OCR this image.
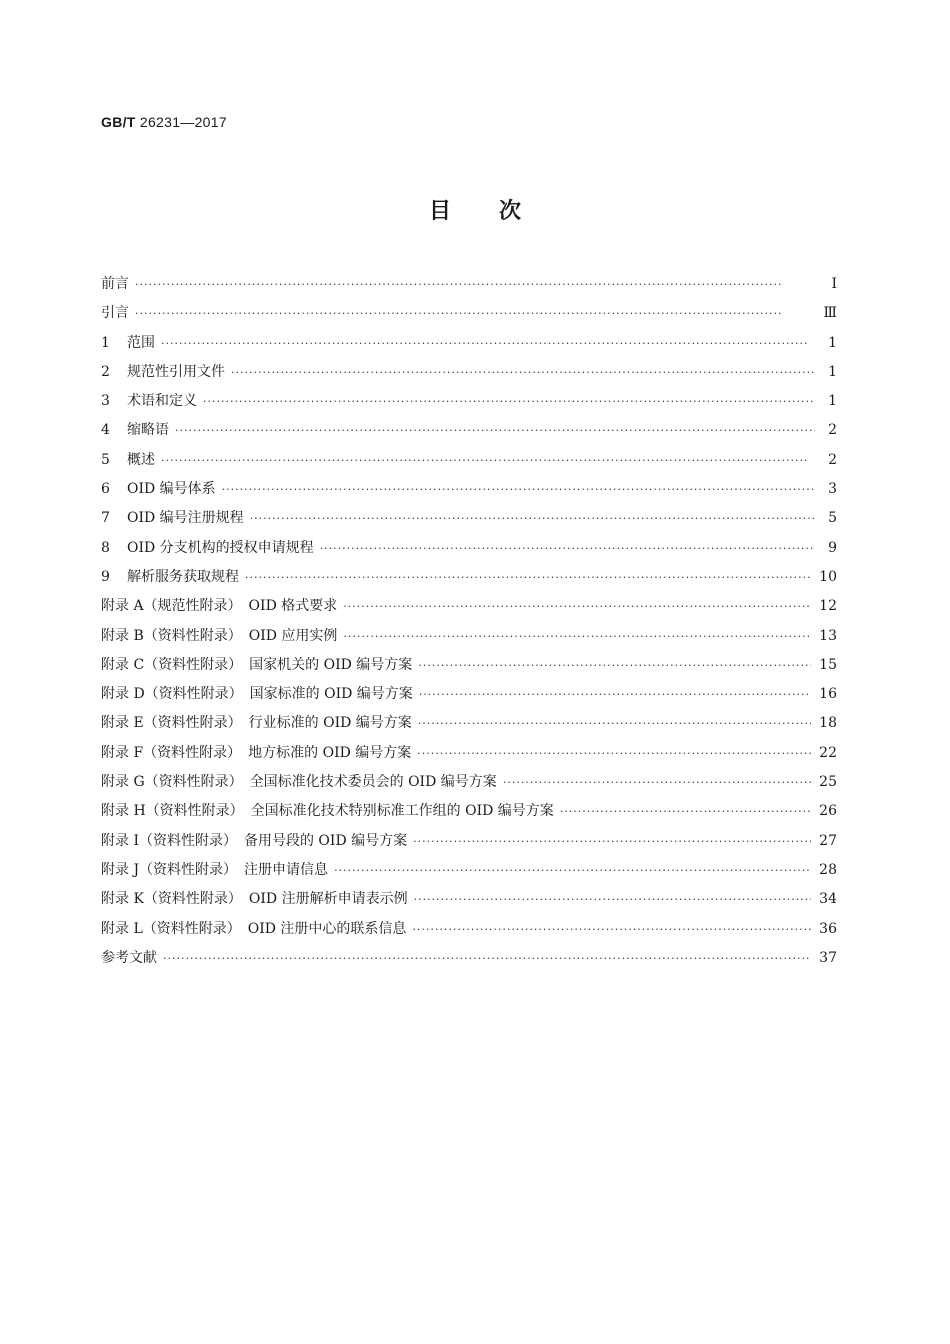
GB/T 26231—2017
目次
前言 ·····	Ⅰ
引言 ·····	Ⅲ
1 范围 ·····	1
2 规范性引用文件 ·····	1
3 术语和定义 ·····	1
4 缩略语 ·····	2
5 概述 ·····	2
6 OID 编号体系 ·····	3
7 OID 编号注册规程 ·····	5
8 OID 分支机构的授权申请规程 ·····	9
9 解析服务获取规程 ·····	10
附录 A（规范性附录）　OID 格式要求 ·····	12
附录 B（资料性附录）　OID 应用实例 ·····	13
附录 C（资料性附录）　国家机关的 OID 编号方案 ·····	15
附录 D（资料性附录）　国家标准的 OID 编号方案 ·····	16
附录 E（资料性附录）　行业标准的 OID 编号方案 ·····	18
附录 F（资料性附录）　地方标准的 OID 编号方案 ·····	22
附录 G（资料性附录）　全国标准化技术委员会的 OID 编号方案 ·····	25
附录 H（资料性附录）　全国标准化技术特别标准工作组的 OID 编号方案 ·····	26
附录 I（资料性附录）　备用号段的 OID 编号方案 ·····	27
附录 J（资料性附录）　注册申请信息 ·····	28
附录 K（资料性附录）　OID 注册解析申请表示例 ·····	34
附录 L（资料性附录）　OID 注册中心的联系信息 ·····	36
参考文献 ·····	37
